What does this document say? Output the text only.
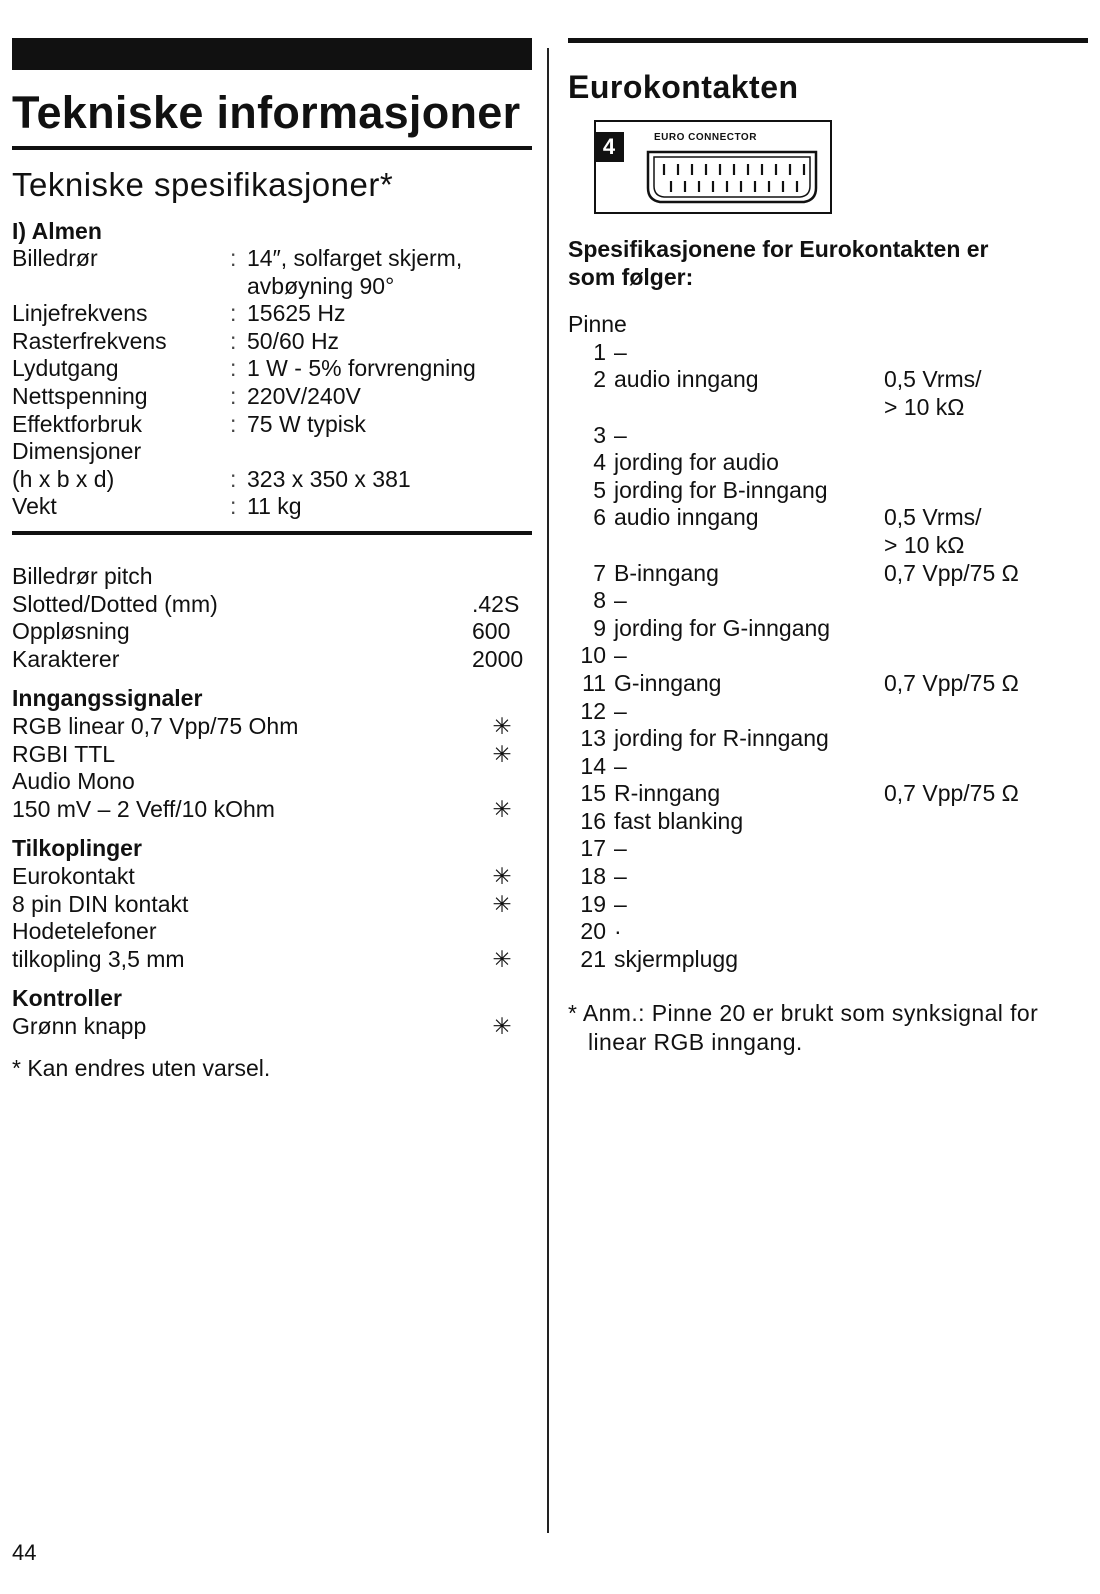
Tekniske informasjoner
Tekniske spesifikasjoner*
I) Almen
Billedrør	:	14″, solfarget skjerm,
		avbøyning 90°
Linjefrekvens	:	15625 Hz
Rasterfrekvens	:	50/60 Hz
Lydutgang	:	1 W - 5% forvrengning
Nettspenning	:	220V/240V
Effektforbruk	:	75 W typisk
Dimensjoner		
(h x b x d)	:	323 x 350 x 381
Vekt	:	11 kg
Billedrør pitch	
Slotted/Dotted (mm)	.42S
Oppløsning	600
Karakterer	2000
Inngangssignaler
RGB linear 0,7 Vpp/75 Ohm	✳
RGBI TTL	✳
Audio Mono	
150 mV – 2 Veff/10 kOhm	✳
Tilkoplinger
Eurokontakt	✳
8 pin DIN kontakt	✳
Hodetelefoner	
tilkopling 3,5 mm	✳
Kontroller
Grønn knapp	✳
* Kan endres uten varsel.
Eurokontakten
4	EURO CONNECTOR
Spesifikasjonene for Eurokontakten er som følger:
Pinne
1	–	
2	audio inngang	0,5 Vrms/
		> 10 kΩ
3	–	
4	jording for audio	
5	jording for B-inngang	
6	audio inngang	0,5 Vrms/
		> 10 kΩ
7	B-inngang	0,7 Vpp/75 Ω
8	–	
9	jording for G-inngang	
10	–	
11	G-inngang	0,7 Vpp/75 Ω
12	–	
13	jording for R-inngang	
14	–	
15	R-inngang	0,7 Vpp/75 Ω
16	fast blanking	
17	–	
18	–	
19	–	
20	·	
21	skjermplugg	
* Anm.: Pinne 20 er brukt som synksignal for linear RGB inngang.
44
